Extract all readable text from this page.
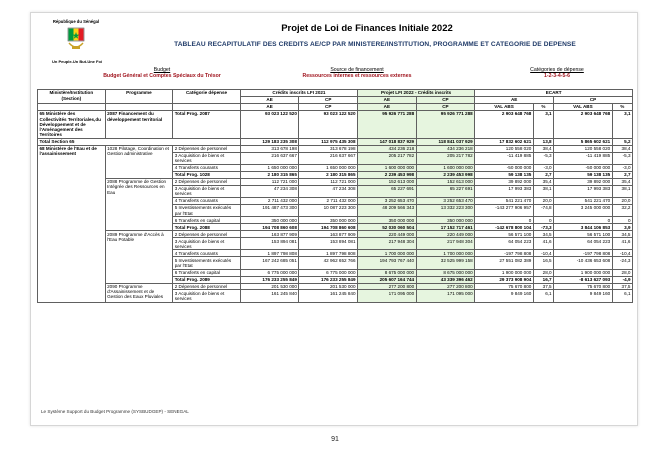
République du Sénégal
Un Peuple-Un But-Une Foi
Projet de Loi de Finances Initiale 2022
TABLEAU RECAPITULATIF DES CREDITS AE/CP PAR MINISTERE/INSTITUTION, PROGRAMME ET CATEGORIE DE DEPENSE
Budget
Budget Général et Comptes Spéciaux du Trésor
Source de financement
Ressources internes et ressources externes
Catégories de dépense
1-2-3-4-5-6
Ministère/Institution (Section)	Programme	Catégorie dépense	Crédits inscrits LFI 2021		Projet LFI 2022 - Crédits inscrits		ECART			
			AE	CP	AE	CP	AE		CP	
			AE	CP	AE	CP	VAL ABS	%	VAL ABS	%
65 Ministère des Collectivités Territoriales,du Développement et de l'Aménagement des Territoires	2087 Financement du développement territorial	Total Prog. 2087	93 023 122 520	93 023 122 520	95 926 771 288	95 926 771 288	2 903 648 768	3,1	2 903 648 768	3,1
Total Section 65			129 183 235 308	112 975 435 308	147 018 837 929	118 841 037 929	17 832 602 621	13,8	5 865 602 621	5,2
68 Ministère de l'Eau et de l'assainissement	1028 Pilotage, Coordination et Gestion administrative	2 Dépenses de personnel	313 678 198	313 678 198	434 236 218	434 236 218	120 558 020	38,4	120 558 020	38,4
		3 Acquisition de biens et services	216 637 667	216 637 667	205 217 782	205 217 782	-11 419 885	-5,3	-11 419 885	-5,3
		4 Transferts courants	1 650 000 000	1 650 000 000	1 600 000 000	1 600 000 000	-50 000 000	-3,0	-50 000 000	-3,0
		Total Prog. 1028	2 180 315 865	2 180 315 865	2 239 453 998	2 239 453 998	59 138 135	2,7	59 138 135	2,7
	2088 Programme de Gestion Intégrée des Ressources en Eau	2 Dépenses de personnel	112 721 000	112 721 000	152 613 000	152 613 000	39 892 000	35,4	39 892 000	35,4
		3 Acquisition de biens et services	47 234 308	47 234 308	65 227 691	65 227 691	17 993 383	38,1	17 993 383	38,1
		4 Transferts courants	2 711 432 000	2 711 432 000	3 252 653 470	3 252 653 470	541 221 470	20,0	541 221 470	20,0
		5 Investissements exécutés par l'Etat	191 487 473 300	10 087 223 300	48 209 566 343	13 332 223 300	-143 277 906 957	-74,8	3 245 000 000	32,2
		6 Transferts en capital	350 000 000	350 000 000	350 000 000	350 000 000	0	0	0	0
		Total Prog. 2088	194 708 860 608	194 708 860 608	52 030 060 504	17 152 717 461	-142 678 800 104	-73,3	3 844 106 853	3,9
	2089 Programme d'Accès à l'Eau Potable	2 Dépenses de personnel	163 877 909	163 877 909	220 449 000	220 449 000	56 571 100	34,5	56 571 100	34,5
		3 Acquisition de biens et services	153 894 081	153 894 081	217 948 304	217 948 304	64 054 223	41,6	64 054 223	41,6
		4 Transferts courants	1 897 798 808	1 897 798 808	1 700 000 000	1 700 000 000	-197 798 808	-10,4	-197 798 808	-10,4
		5 Investissements exécutés par l'Etat	167 242 685 051	42 962 652 766	194 793 767 440	32 525 999 158	27 551 082 389	16,5	-10 436 653 608	-24,3
		6 Transferts en capital	6 775 000 000	6 775 000 000	8 675 000 000	8 675 000 000	1 900 000 000	28,0	1 900 000 000	28,0
		Total Prog. 2089	176 233 255 849	176 233 255 849	205 607 164 744	43 339 396 462	29 373 908 904	16,7	-8 613 627 093	-4,9
	2090 Programme d'Assainissement et de Gestion des Eaux Pluviales	2 Dépenses de personnel	201 530 000	201 530 000	277 200 800	277 200 800	75 670 800	37,5	75 670 800	37,5
		3 Acquisition de biens et services	161 245 840	161 245 840	171 095 000	171 095 000	9 849 160	6,1	9 849 160	6,1
Le Système Support du Budget Programme (SYSBUDGEP) - SENEGAL
91
